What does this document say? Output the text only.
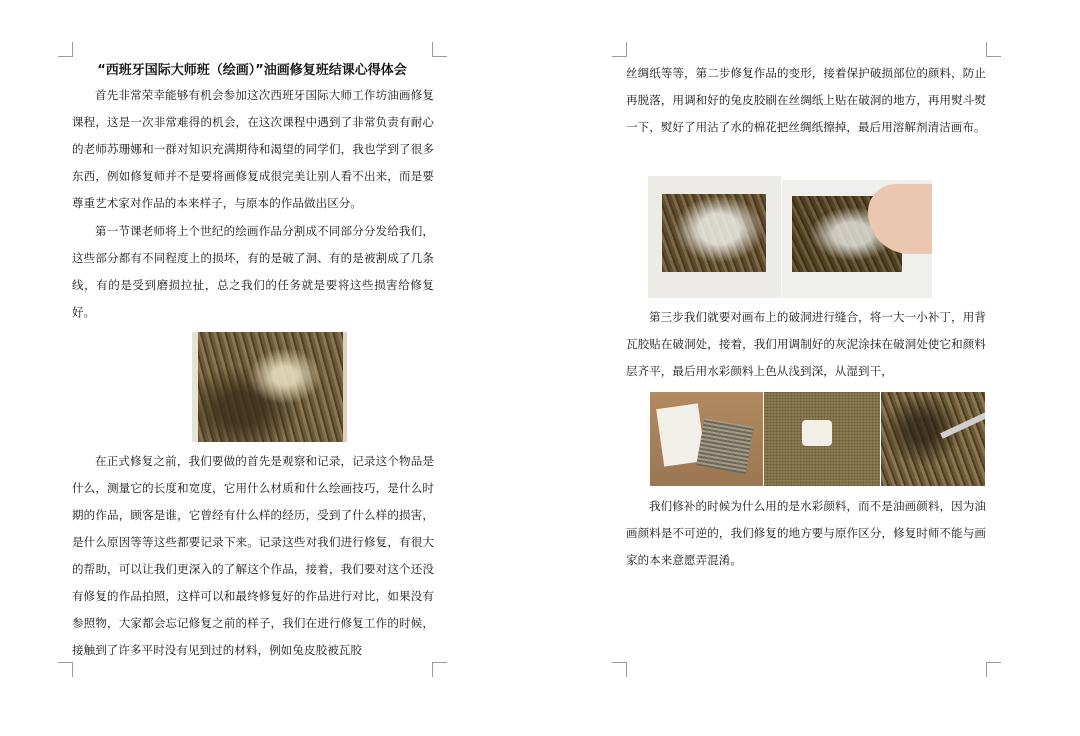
“西班牙国际大师班（绘画）”油画修复班结课心得体会

首先非常荣幸能够有机会参加这次西班牙国际大师工作坊油画修复课程，这是一次非常难得的机会，在这次课程中遇到了非常负责有耐心的老师苏珊娜和一群对知识充满期待和渴望的同学们，我也学到了很多东西，例如修复师并不是要将画修复成很完美让别人看不出来，而是要尊重艺术家对作品的本来样子，与原本的作品做出区分。

第一节课老师将上个世纪的绘画作品分割成不同部分分发给我们，这些部分都有不同程度上的损坏，有的是破了洞、有的是被割成了几条线，有的是受到磨损拉扯，总之我们的任务就是要将这些损害给修复好。

在正式修复之前，我们要做的首先是观察和记录，记录这个物品是什么，测量它的长度和宽度，它用什么材质和什么绘画技巧，是什么时期的作品，顾客是谁，它曾经有什么样的经历，受到了什么样的损害，是什么原因等等这些都要记录下来。记录这些对我们进行修复，有很大的帮助，可以让我们更深入的了解这个作品，接着，我们要对这个还没有修复的作品拍照，这样可以和最终修复好的作品进行对比，如果没有参照物，大家都会忘记修复之前的样子，我们在进行修复工作的时候，接触到了许多平时没有见到过的材料，例如兔皮胶被瓦胶

丝绸纸等等，第二步修复作品的变形，接着保护破损部位的颜料，防止再脱落，用调和好的兔皮胶刷在丝绸纸上贴在破洞的地方，再用熨斗熨一下，熨好了用沾了水的棉花把丝绸纸擦掉，最后用溶解剂清洁画布。

第三步我们就要对画布上的破洞进行缝合，将一大一小补丁，用背瓦胶贴在破洞处，接着，我们用调制好的灰泥涂抹在破洞处使它和颜料层齐平，最后用水彩颜料上色从浅到深，从湿到干，

我们修补的时候为什么用的是水彩颜料，而不是油画颜料，因为油画颜料是不可逆的，我们修复的地方要与原作区分，修复时师不能与画家的本来意愿弄混淆。
